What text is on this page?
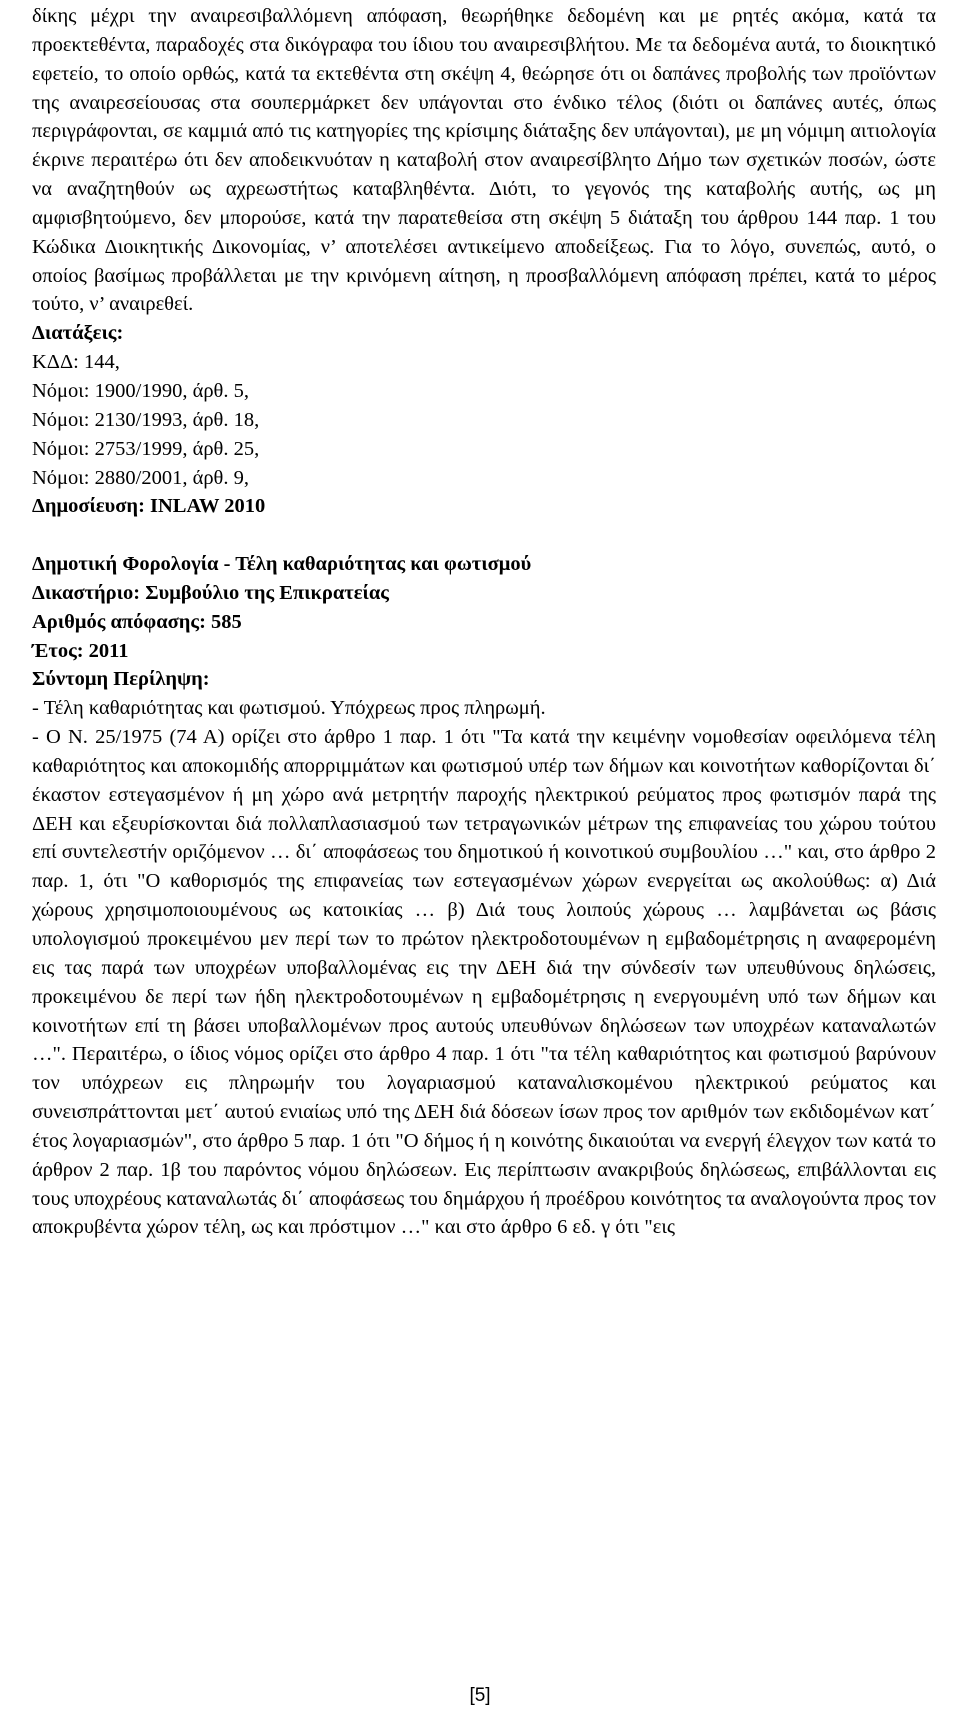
δίκης μέχρι την αναιρεσιβαλλόμενη απόφαση, θεωρήθηκε δεδομένη και με ρητές ακόμα, κατά τα προεκτεθέντα, παραδοχές στα δικόγραφα του ίδιου του αναιρεσιβλήτου. Με τα δεδομένα αυτά, το διοικητικό εφετείο, το οποίο ορθώς, κατά τα εκτεθέντα στη σκέψη 4, θεώρησε ότι οι δαπάνες προβολής των προϊόντων της αναιρεσείουσας στα σουπερμάρκετ δεν υπάγονται στο ένδικο τέλος (διότι οι δαπάνες αυτές, όπως περιγράφονται, σε καμμιά από τις κατηγορίες της κρίσιμης διάταξης δεν υπάγονται), με μη νόμιμη αιτιολογία έκρινε περαιτέρω ότι δεν αποδεικνυόταν η καταβολή στον αναιρεσίβλητο Δήμο των σχετικών ποσών, ώστε να αναζητηθούν ως αχρεωστήτως καταβληθέντα. Διότι, το γεγονός της καταβολής αυτής, ως μη αμφισβητούμενο, δεν μπορούσε, κατά την παρατεθείσα στη σκέψη 5 διάταξη του άρθρου 144 παρ. 1 του Κώδικα Διοικητικής Δικονομίας, ν’ αποτελέσει αντικείμενο αποδείξεως. Για το λόγο, συνεπώς, αυτό, ο οποίος βασίμως προβάλλεται με την κρινόμενη αίτηση, η προσβαλλόμενη απόφαση πρέπει, κατά το μέρος τούτο, ν’ αναιρεθεί.

Διατάξεις:
ΚΔΔ: 144,
Νόμοι: 1900/1990, άρθ. 5,
Νόμοι: 2130/1993, άρθ. 18,
Νόμοι: 2753/1999, άρθ. 25,
Νόμοι: 2880/2001, άρθ. 9,
Δημοσίευση: INLAW 2010
Δημοτική Φορολογία - Τέλη καθαριότητας και φωτισμού
Δικαστήριο: Συμβούλιο της Επικρατείας
Αριθμός απόφασης: 585
Έτος: 2011
Σύντομη Περίληψη:
- Τέλη καθαριότητας και φωτισμού. Υπόχρεως προς πληρωμή.

- Ο Ν. 25/1975 (74 Α) ορίζει στο άρθρο 1 παρ. 1 ότι "Τα κατά την κειμένην νομοθεσίαν οφειλόμενα τέλη καθαριότητος και αποκομιδής απορριμμάτων και φωτισμού υπέρ των δήμων και κοινοτήτων καθορίζονται δι΄ έκαστον εστεγασμένον ή μη χώρο ανά μετρητήν παροχής ηλεκτρικού ρεύματος προς φωτισμόν παρά της ΔΕΗ και εξευρίσκονται διά πολλαπλασιασμού των τετραγωνικών μέτρων της επιφανείας του χώρου τούτου επί συντελεστήν οριζόμενον … δι΄ αποφάσεως του δημοτικού ή κοινοτικού συμβουλίου …" και, στο άρθρο 2 παρ. 1, ότι "Ο καθορισμός της επιφανείας των εστεγασμένων χώρων ενεργείται ως ακολούθως: α) Διά χώρους χρησιμοποιουμένους ως κατοικίας … β) Διά τους λοιπούς χώρους … λαμβάνεται ως βάσις υπολογισμού προκειμένου μεν περί των το πρώτον ηλεκτροδοτουμένων η εμβαδομέτρησις η αναφερομένη εις τας παρά των υποχρέων υποβαλλομένας εις την ΔΕΗ διά την σύνδεσίν των υπευθύνους δηλώσεις, προκειμένου δε περί των ήδη ηλεκτροδοτουμένων η εμβαδομέτρησις η ενεργουμένη υπό των δήμων και κοινοτήτων επί τη βάσει υποβαλλομένων προς αυτούς υπευθύνων δηλώσεων των υποχρέων καταναλωτών …". Περαιτέρω, ο ίδιος νόμος ορίζει στο άρθρο 4 παρ. 1 ότι "τα τέλη καθαριότητος και φωτισμού βαρύνουν τον υπόχρεων εις πληρωμήν του λογαριασμού καταναλισκομένου ηλεκτρικού ρεύματος και συνεισπράττονται μετ΄ αυτού ενιαίως υπό της ΔΕΗ διά δόσεων ίσων προς τον αριθμόν των εκδιδομένων κατ΄ έτος λογαριασμών", στο άρθρο 5 παρ. 1 ότι "Ο δήμος ή η κοινότης δικαιούται να ενεργή έλεγχον των κατά το άρθρον 2 παρ. 1β του παρόντος νόμου δηλώσεων. Εις περίπτωσιν ανακριβούς δηλώσεως, επιβάλλονται εις τους υποχρέους καταναλωτάς δι΄ αποφάσεως του δημάρχου ή προέδρου κοινότητος τα αναλογούντα προς τον αποκρυβέντα χώρον τέλη, ως και πρόστιμον …" και στο άρθρο 6 εδ. γ ότι "εις

[5]
